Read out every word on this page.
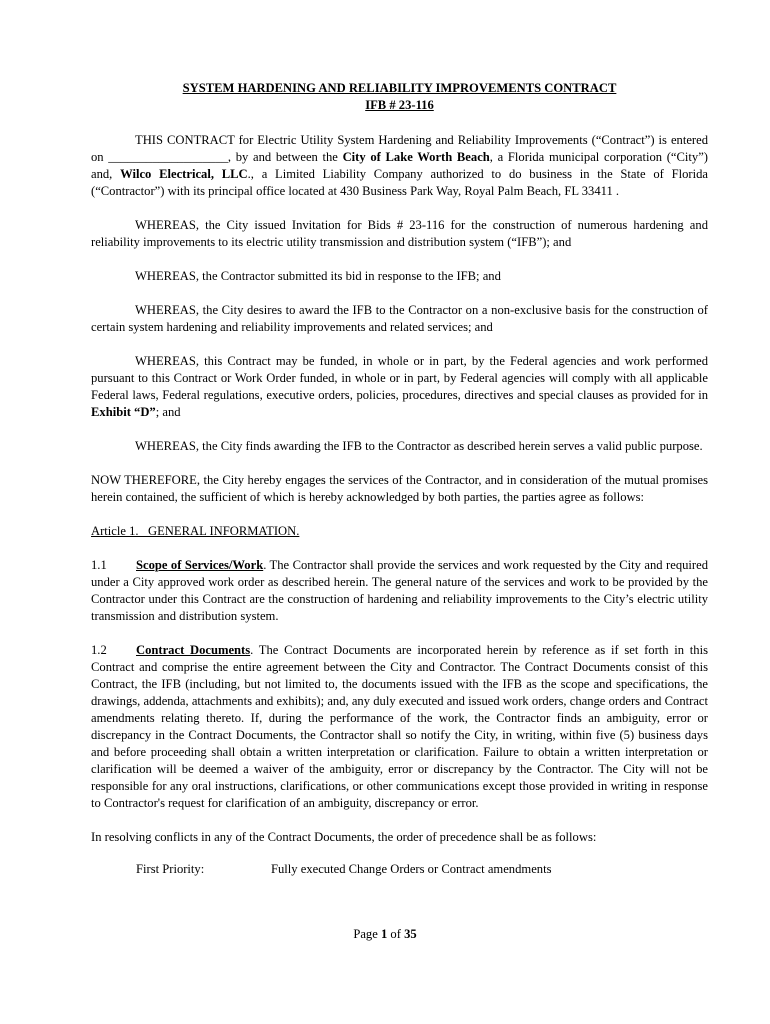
SYSTEM HARDENING AND RELIABILITY IMPROVEMENTS CONTRACT

IFB # 23-116

THIS CONTRACT for Electric Utility System Hardening and Reliability Improvements (“Contract”) is entered on ___________________, by and between the City of Lake Worth Beach, a Florida municipal corporation (“City”) and, Wilco Electrical, LLC., a Limited Liability Company authorized to do business in the State of Florida (“Contractor”) with its principal office located at 430 Business Park Way, Royal Palm Beach, FL 33411 .

WHEREAS, the City issued Invitation for Bids # 23-116 for the construction of numerous hardening and reliability improvements to its electric utility transmission and distribution system (“IFB”); and

WHEREAS, the Contractor submitted its bid in response to the IFB; and

WHEREAS, the City desires to award the IFB to the Contractor on a non-exclusive basis for the construction of certain system hardening and reliability improvements and related services; and

WHEREAS, this Contract may be funded, in whole or in part, by the Federal agencies and work performed pursuant to this Contract or Work Order funded, in whole or in part, by Federal agencies will comply with all applicable Federal laws, Federal regulations, executive orders, policies, procedures, directives and special clauses as provided for in Exhibit “D”; and

WHEREAS, the City finds awarding the IFB to the Contractor as described herein serves a valid public purpose.

NOW THEREFORE, the City hereby engages the services of the Contractor, and in consideration of the mutual promises herein contained, the sufficient of which is hereby acknowledged by both parties, the parties agree as follows:

Article 1.   GENERAL INFORMATION.

1.1 Scope of Services/Work. The Contractor shall provide the services and work requested by the City and required under a City approved work order as described herein. The general nature of the services and work to be provided by the Contractor under this Contract are the construction of hardening and reliability improvements to the City’s electric utility transmission and distribution system.

1.2 Contract Documents. The Contract Documents are incorporated herein by reference as if set forth in this Contract and comprise the entire agreement between the City and Contractor. The Contract Documents consist of this Contract, the IFB (including, but not limited to, the documents issued with the IFB as the scope and specifications, the drawings, addenda, attachments and exhibits); and, any duly executed and issued work orders, change orders and Contract amendments relating thereto. If, during the performance of the work, the Contractor finds an ambiguity, error or discrepancy in the Contract Documents, the Contractor shall so notify the City, in writing, within five (5) business days and before proceeding shall obtain a written interpretation or clarification. Failure to obtain a written interpretation or clarification will be deemed a waiver of the ambiguity, error or discrepancy by the Contractor. The City will not be responsible for any oral instructions, clarifications, or other communications except those provided in writing in response to Contractor's request for clarification of an ambiguity, discrepancy or error.

In resolving conflicts in any of the Contract Documents, the order of precedence shall be as follows:

First Priority:	Fully executed Change Orders or Contract amendments
Page 1 of 35
